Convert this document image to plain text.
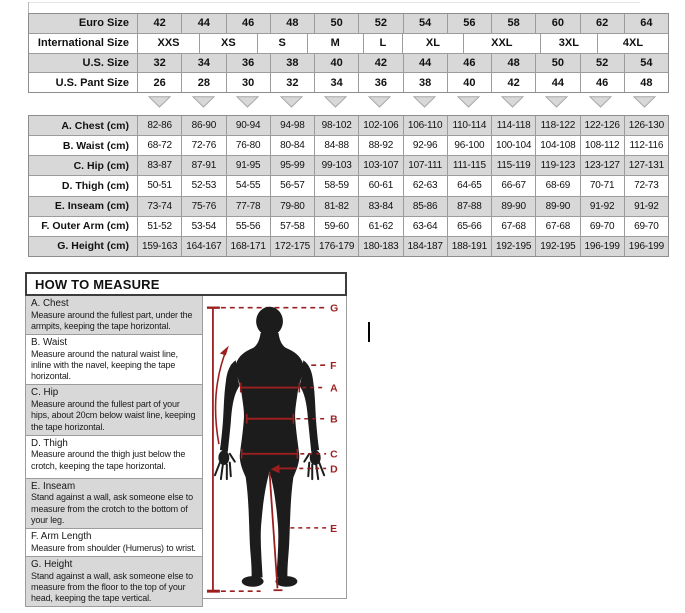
Euro Size	42	44	46	48	50	52	54	56	58	60	62	64
International Size	XXS	XS	S	M	L	XL	XXL	3XL	4XL
U.S. Size	32	34	36	38	40	42	44	46	48	50	52	54
U.S. Pant Size	26	28	30	32	34	36	38	40	42	44	46	48
A. Chest (cm)	82-86	86-90	90-94	94-98	98-102	102-106 106-110	110-114	114-118	118-122 122-126 126-130
B. Waist (cm)	68-72	72-76	76-80	80-84	84-88	88-92	92-96	96-100	100-104 104-108 108-112	112-116
C. Hip (cm)	83-87	87-91	91-95	95-99	99-103	103-107 107-111	111-115	115-119	119-123 123-127 127-131
D. Thigh (cm)	50-51	52-53	54-55	56-57	58-59	60-61	62-63	64-65	66-67	68-69	70-71	72-73
E. Inseam (cm)	73-74	75-76	77-78	79-80	81-82	83-84	85-86	87-88	89-90	89-90	91-92	91-92
F. Outer Arm (cm)	51-52	53-54	55-56	57-58	59-60	61-62	63-64	65-66	67-68	67-68	69-70	69-70
G. Height (cm)	159-163 164-167 168-171 172-175 176-179 180-183 184-187 188-191 192-195 192-195 196-199 196-199
HOW TO MEASURE
A. Chest
Measure around the fullest part, under the armpits, keeping the tape horizontal.
B. Waist
Measure around the natural waist line, inline with the navel, keeping the tape horizontal.
C. Hip
Measure around the fullest part of your hips, about 20cm below waist line, keeping the tape horizontal.
D. Thigh
Measure around the thigh just below the crotch, keeping the tape horizontal.
E. Inseam
Stand against a wall, ask someone else to measure from the crotch to the bottom of your leg.
F. Arm Length
Measure from shoulder (Humerus) to wrist.
G. Height
Stand against a wall, ask someone else to measure from the floor to the top of your head, keeping the tape vertical.
G
F
A
B
C
D
E
